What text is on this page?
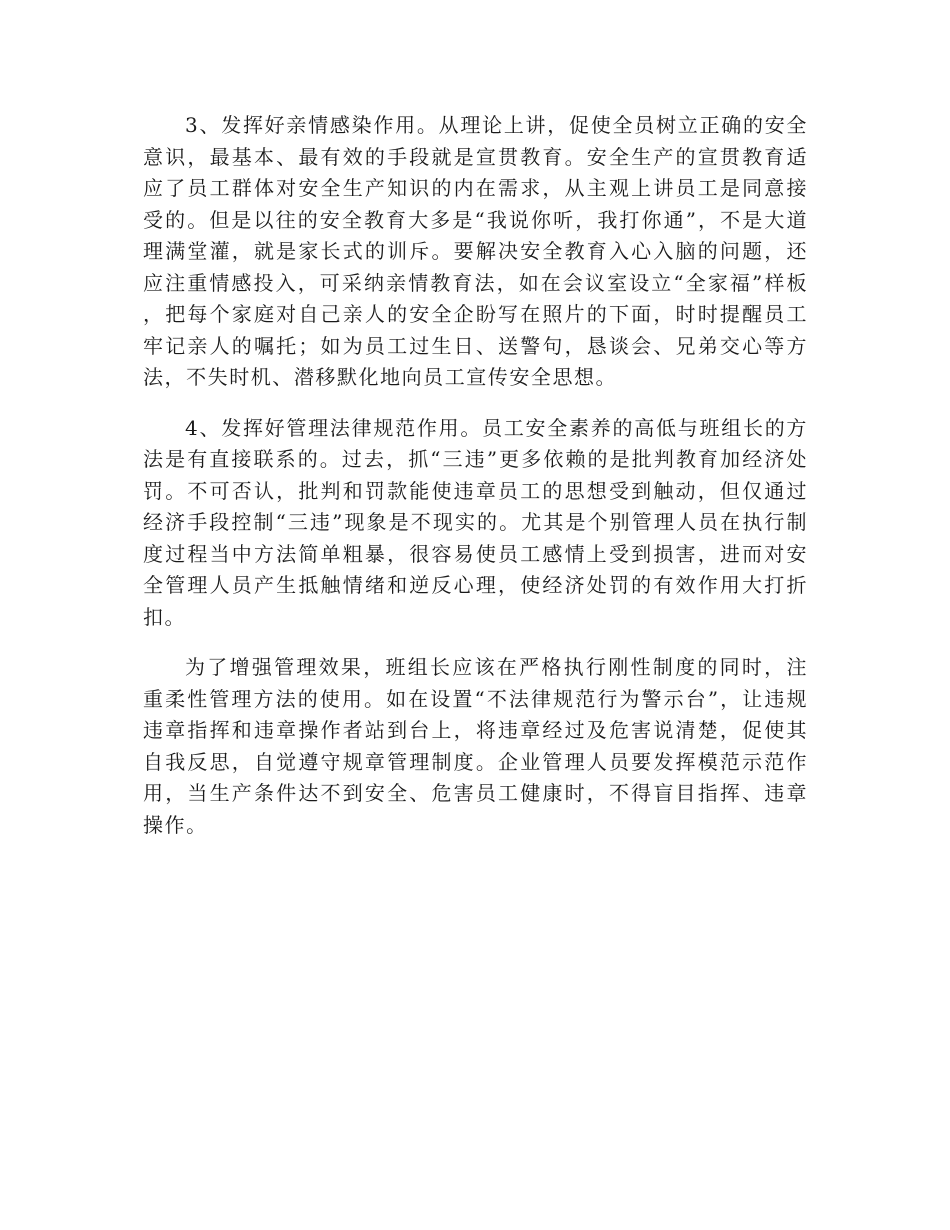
3、发挥好亲情感染作用。从理论上讲，促使全员树立正确的安全意识，最基本、最有效的手段就是宣贯教育。安全生产的宣贯教育适应了员工群体对安全生产知识的内在需求，从主观上讲员工是同意接受的。但是以往的安全教育大多是“我说你听，我打你通”，不是大道理满堂灌，就是家长式的训斥。要解决安全教育入心入脑的问题，还应注重情感投入，可采纳亲情教育法，如在会议室设立“全家福”样板，把每个家庭对自己亲人的安全企盼写在照片的下面，时时提醒员工牢记亲人的嘱托；如为员工过生日、送警句，恳谈会、兄弟交心等方法，不失时机、潜移默化地向员工宣传安全思想。

4、发挥好管理法律规范作用。员工安全素养的高低与班组长的方法是有直接联系的。过去，抓“三违”更多依赖的是批判教育加经济处罚。不可否认，批判和罚款能使违章员工的思想受到触动，但仅通过经济手段控制“三违”现象是不现实的。尤其是个别管理人员在执行制度过程当中方法简单粗暴，很容易使员工感情上受到损害，进而对安全管理人员产生抵触情绪和逆反心理，使经济处罚的有效作用大打折扣。

为了增强管理效果，班组长应该在严格执行刚性制度的同时，注重柔性管理方法的使用。如在设置“不法律规范行为警示台”，让违规违章指挥和违章操作者站到台上，将违章经过及危害说清楚，促使其自我反思，自觉遵守规章管理制度。企业管理人员要发挥模范示范作用，当生产条件达不到安全、危害员工健康时，不得盲目指挥、违章操作。
